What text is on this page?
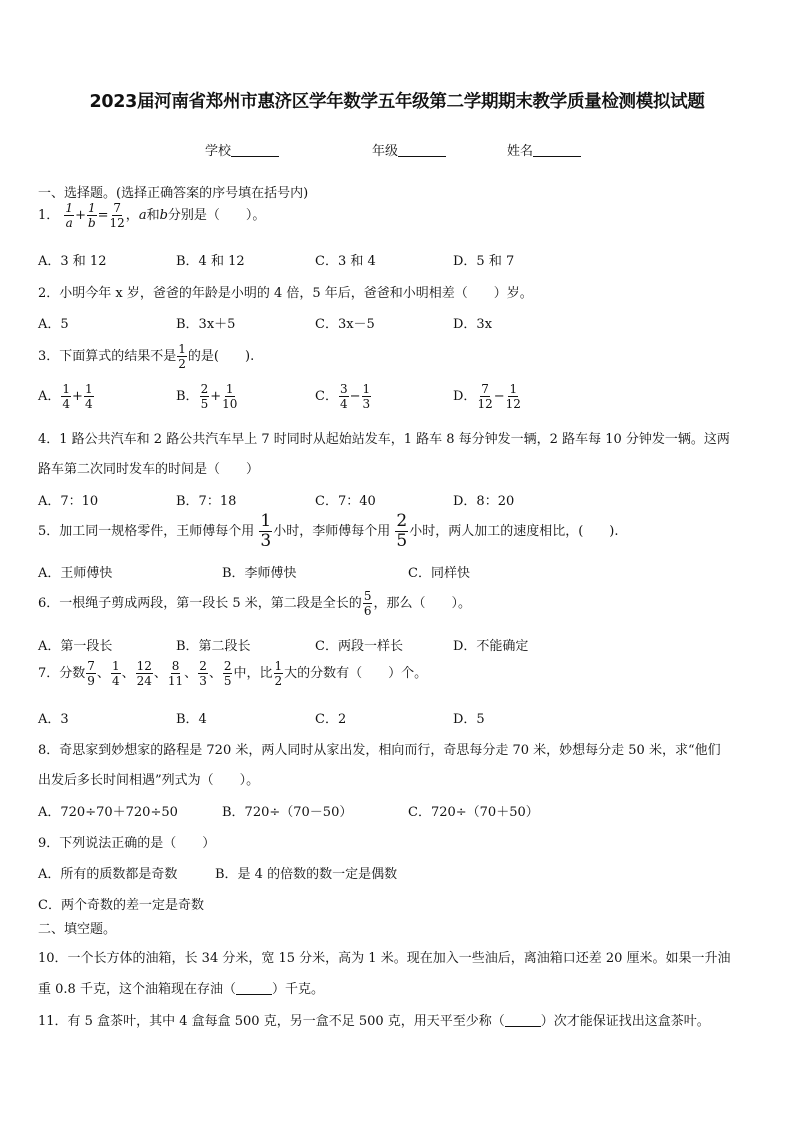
2023届河南省郑州市惠济区学年数学五年级第二学期期末教学质量检测模拟试题
学校	年级	姓名
一、选择题。(选择正确答案的序号填在括号内)
1． $\frac{1}{a} + \frac{1}{b} = \frac{7}{12}$ ，a和b分别是（　　）。
A．3 和 12	B．4 和 12	C．3 和 4	D．5 和 7
2．小明今年 x 岁，爸爸的年龄是小明的 4 倍，5 年后，爸爸和小明相差（　　）岁。
A．5	B．3x＋5	C．3x－5	D．3x
3．下面算式的结果不是 $\frac{1}{2}$ 的是(　　).
A． $\frac{1}{4} + \frac{1}{4}$	B． $\frac{2}{5} + \frac{1}{10}$	C． $\frac{3}{4} - \frac{1}{3}$	D． $\frac{7}{12} - \frac{1}{12}$
4．1 路公共汽车和 2 路公共汽车早上 7 时同时从起始站发车，1 路车 8 每分钟发一辆，2 路车每 10 分钟发一辆。这两
路车第二次同时发车的时间是（　　）
A．7：10	B．7：18	C．7：40	D．8：20
5．加工同一规格零件，王师傅每个用 $\frac{1}{3}$ 小时，李师傅每个用 $\frac{2}{5}$ 小时，两人加工的速度相比，(　　).
A．王师傅快	B．李师傅快	C．同样快
6．一根绳子剪成两段，第一段长 5 米，第二段是全长的 $\frac{5}{6}$ ，那么（　　）。
A．第一段长	B．第二段长	C．两段一样长	D．不能确定
7．分数 $\frac{7}{9}$ 、 $\frac{1}{4}$ 、 $\frac{12}{24}$ 、 $\frac{8}{11}$ 、 $\frac{2}{3}$ 、 $\frac{2}{5}$ 中，比 $\frac{1}{2}$ 大的分数有（　　）个。
A．3	B．4	C．2	D．5
8．奇思家到妙想家的路程是 720 米，两人同时从家出发，相向而行，奇思每分走 70 米，妙想每分走 50 米，求“他们
出发后多长时间相遇”列式为（　　）。
A．720÷70＋720÷50	B．720÷（70－50）	C．720÷（70＋50）
9．下列说法正确的是（　　）
A．所有的质数都是奇数	B．是 4 的倍数的数一定是偶数
C．两个奇数的差一定是奇数
二、填空题。
10．一个长方体的油箱，长 34 分米，宽 15 分米，高为 1 米。现在加入一些油后，离油箱口还差 20 厘米。如果一升油
重 0.8 千克，这个油箱现在存油（	）千克。
11．有 5 盒茶叶，其中 4 盒每盒 500 克，另一盒不足 500 克，用天平至少称（	）次才能保证找出这盒茶叶。
